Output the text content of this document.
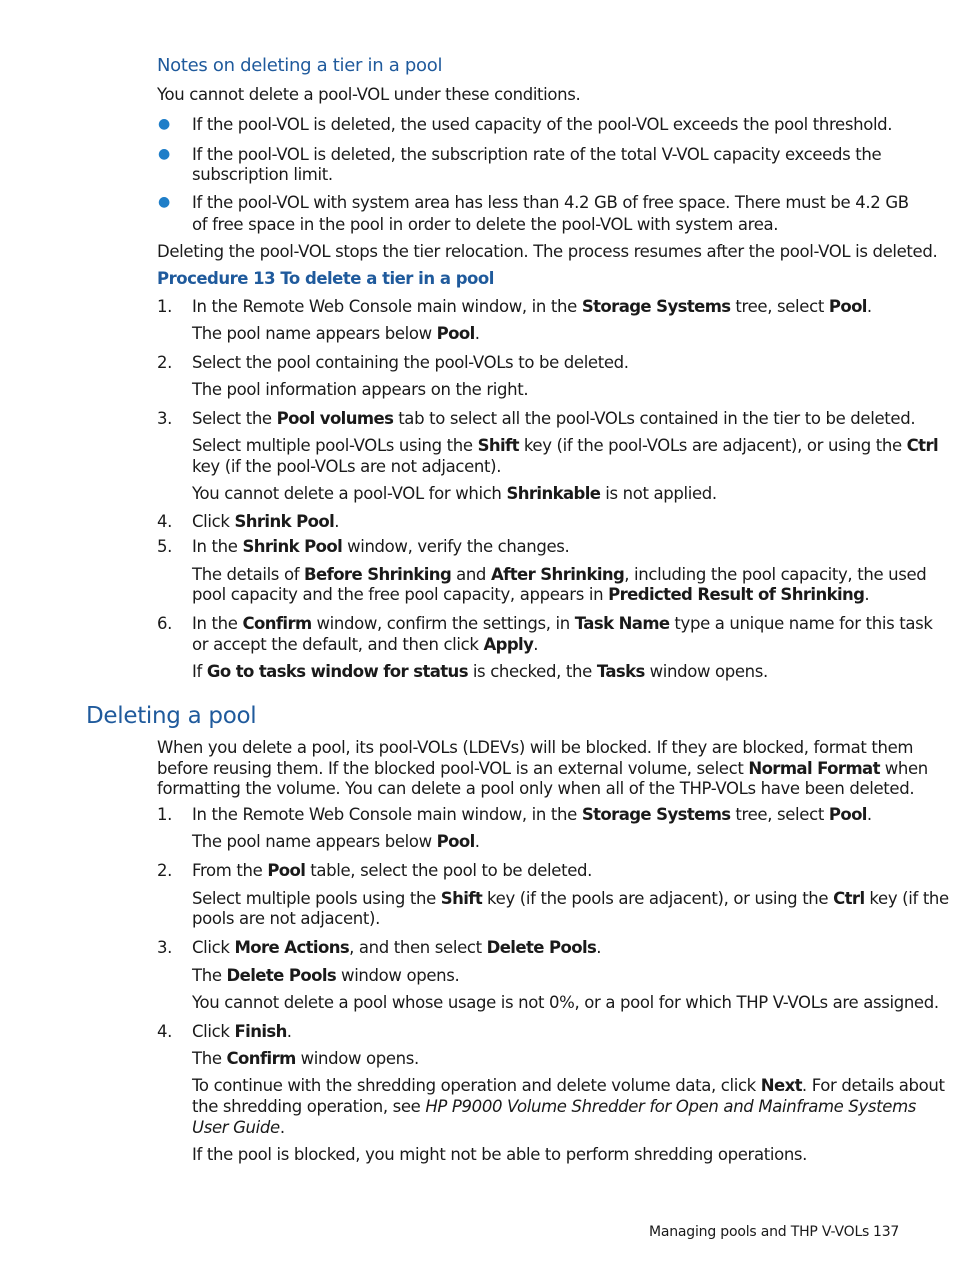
Notes on deleting a tier in a pool
You cannot delete a pool-VOL under these conditions.
● If the pool-VOL is deleted, the used capacity of the pool-VOL exceeds the pool threshold.
● If the pool-VOL is deleted, the subscription rate of the total V-VOL capacity exceeds the
subscription limit.
● If the pool-VOL with system area has less than 4.2 GB of free space. There must be 4.2 GB
of free space in the pool in order to delete the pool-VOL with system area.
Deleting the pool-VOL stops the tier relocation. The process resumes after the pool-VOL is deleted.
Procedure 13 To delete a tier in a pool
1. In the Remote Web Console main window, in the Storage Systems tree, select Pool.
The pool name appears below Pool.
2. Select the pool containing the pool-VOLs to be deleted.
The pool information appears on the right.
3. Select the Pool volumes tab to select all the pool-VOLs contained in the tier to be deleted.
Select multiple pool-VOLs using the Shift key (if the pool-VOLs are adjacent), or using the Ctrl
key (if the pool-VOLs are not adjacent).
You cannot delete a pool-VOL for which Shrinkable is not applied.
4. Click Shrink Pool.
5. In the Shrink Pool window, verify the changes.
The details of Before Shrinking and After Shrinking, including the pool capacity, the used
pool capacity and the free pool capacity, appears in Predicted Result of Shrinking.
6. In the Confirm window, confirm the settings, in Task Name type a unique name for this task
or accept the default, and then click Apply.
If Go to tasks window for status is checked, the Tasks window opens.
Deleting a pool
When you delete a pool, its pool-VOLs (LDEVs) will be blocked. If they are blocked, format them
before reusing them. If the blocked pool-VOL is an external volume, select Normal Format when
formatting the volume. You can delete a pool only when all of the THP-VOLs have been deleted.
1. In the Remote Web Console main window, in the Storage Systems tree, select Pool.
The pool name appears below Pool.
2. From the Pool table, select the pool to be deleted.
Select multiple pools using the Shift key (if the pools are adjacent), or using the Ctrl key (if the
pools are not adjacent).
3. Click More Actions, and then select Delete Pools.
The Delete Pools window opens.
You cannot delete a pool whose usage is not 0%, or a pool for which THP V-VOLs are assigned.
4. Click Finish.
The Confirm window opens.
To continue with the shredding operation and delete volume data, click Next. For details about
the shredding operation, see HP P9000 Volume Shredder for Open and Mainframe Systems
User Guide.
If the pool is blocked, you might not be able to perform shredding operations.
Managing pools and THP V-VOLs 137
